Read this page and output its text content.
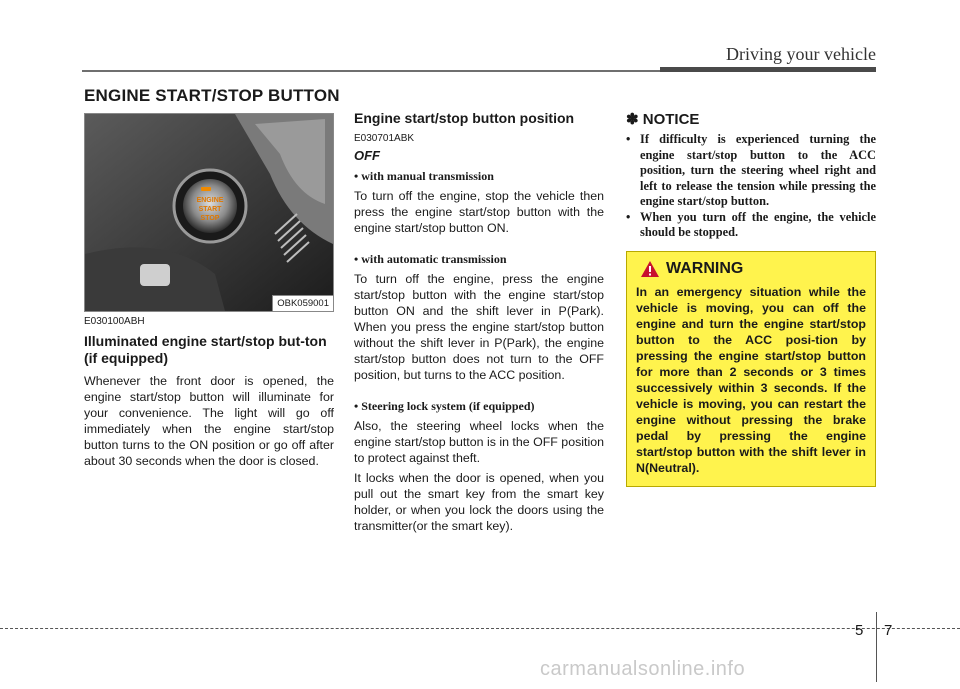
Driving your vehicle
ENGINE START/STOP BUTTON
ENGINE
START
STOP
OBK059001

E030100ABH

Illuminated engine start/stop but-ton (if equipped)

Whenever the front door is opened, the engine start/stop button will illuminate for your convenience. The light will go off immediately when the engine start/stop button turns to the ON position or go off after about 30 seconds when the door is closed.

Engine start/stop button position

E030701ABK

OFF
• with manual transmission

To turn off the engine, stop the vehicle then press the engine start/stop button with the engine start/stop button ON.

• with automatic transmission

To turn off the engine, press the engine start/stop button with the engine start/stop button ON and the shift lever in P(Park). When you press the engine start/stop button without the shift lever in P(Park), the engine start/stop button does not turn to the OFF position, but turns to the ACC position.

• Steering lock system (if equipped)

Also, the steering wheel locks when the engine start/stop button is in the OFF position to protect against theft.

It locks when the door is opened, when you pull out the smart key from the smart key holder, or when you lock the doors using the transmitter(or the smart key).

✽ NOTICE
• If difficulty is experienced turning the engine start/stop button to the ACC position, turn the steering wheel right and left to release the tension while pressing the engine start/stop button.
• When you turn off the engine, the vehicle should be stopped.
WARNING

In an emergency situation while the vehicle is moving, you can off the engine and turn the engine start/stop button to the ACC posi-tion by pressing the engine start/stop button for more than 2 seconds or 3 times successively within 3 seconds. If the vehicle is moving, you can restart the engine without pressing the brake pedal by pressing the engine start/stop button with the shift lever in N(Neutral).

5 7
carmanualsonline.info
